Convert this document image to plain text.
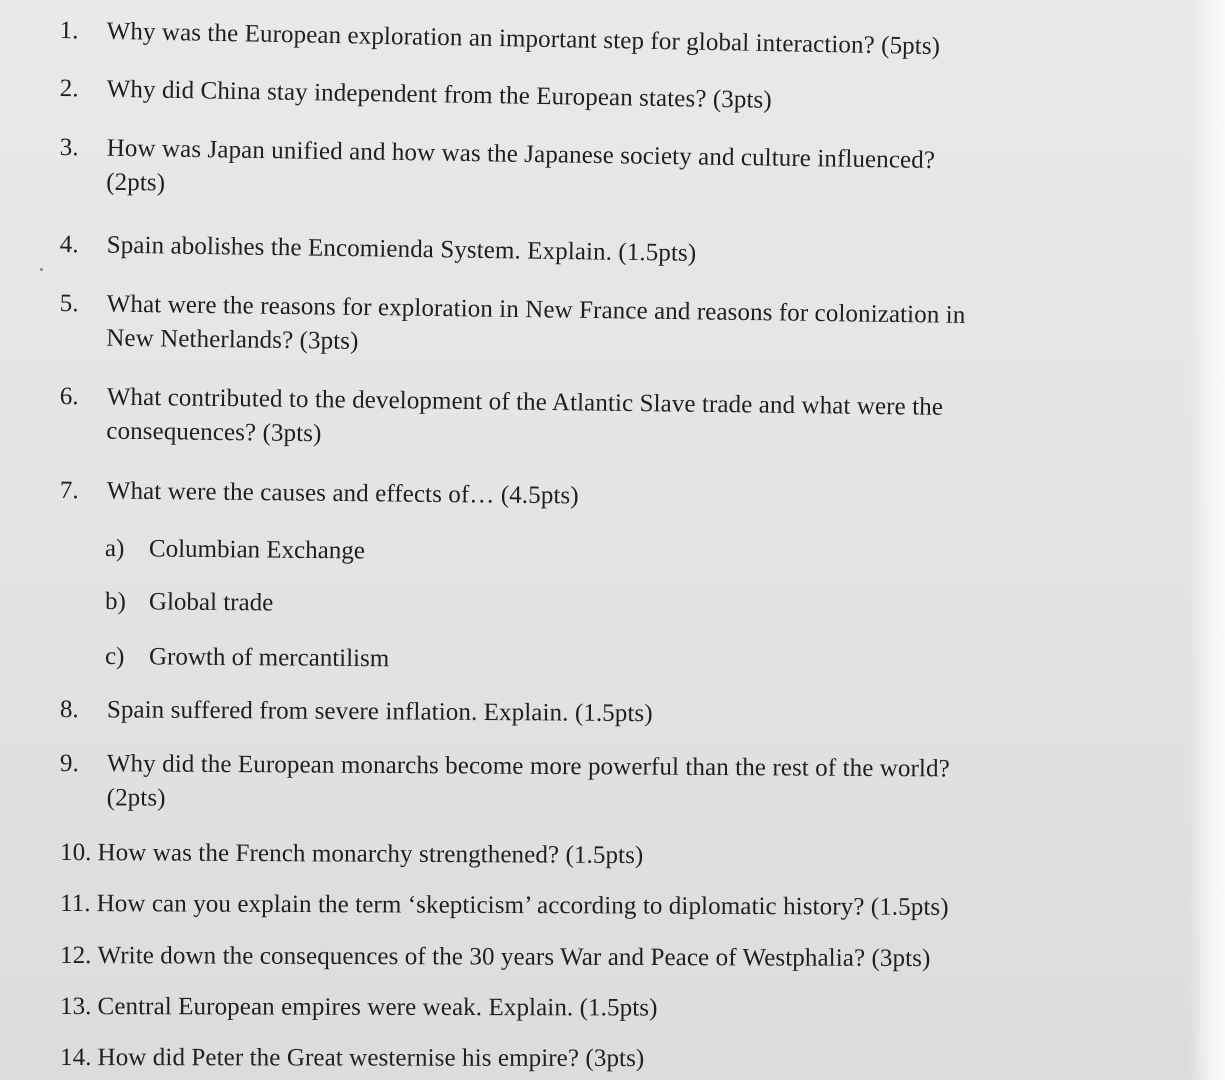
1. Why was the European exploration an important step for global interaction? (5pts)
2. Why did China stay independent from the European states? (3pts)
3. How was Japan unified and how was the Japanese society and culture influenced?
(2pts)
4. Spain abolishes the Encomienda System. Explain. (1.5pts)
5. What were the reasons for exploration in New France and reasons for colonization in
New Netherlands? (3pts)
6. What contributed to the development of the Atlantic Slave trade and what were the
consequences? (3pts)
7. What were the causes and effects of… (4.5pts)
a) Columbian Exchange
b) Global trade
c) Growth of mercantilism
8. Spain suffered from severe inflation. Explain. (1.5pts)
9. Why did the European monarchs become more powerful than the rest of the world?
(2pts)
10. How was the French monarchy strengthened? (1.5pts)
11. How can you explain the term ‘skepticism’ according to diplomatic history? (1.5pts)
12. Write down the consequences of the 30 years War and Peace of Westphalia? (3pts)
13. Central European empires were weak. Explain. (1.5pts)
14. How did Peter the Great westernise his empire? (3pts)
